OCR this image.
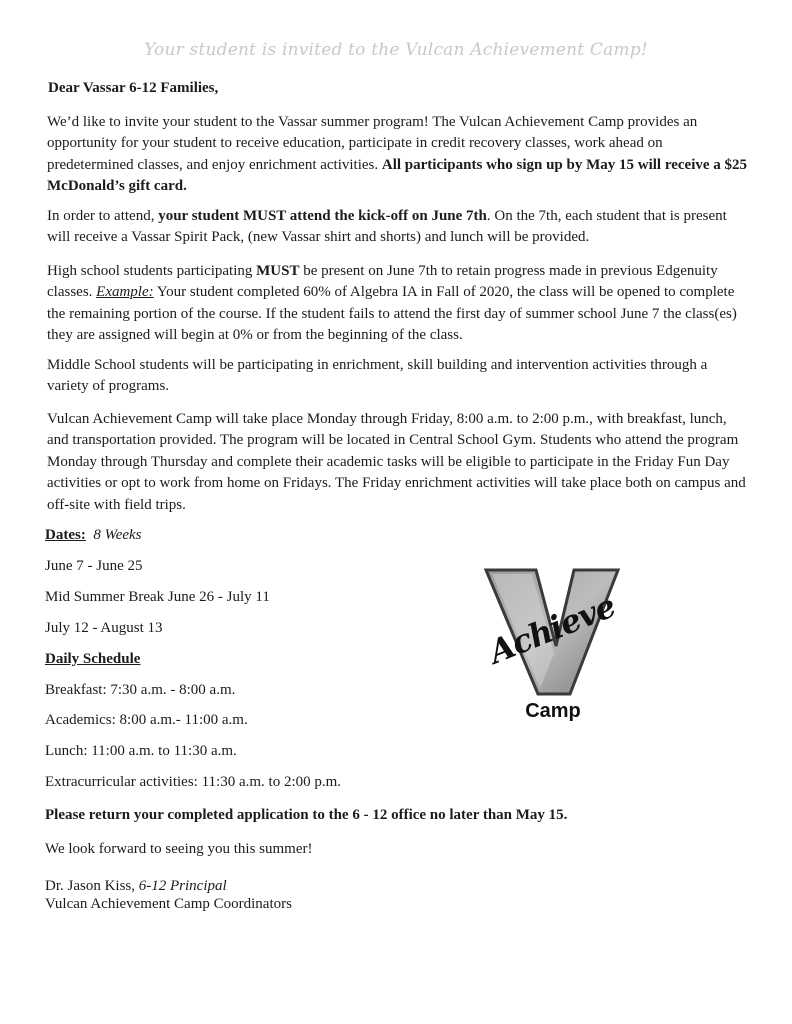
Your student is invited to the Vulcan Achievement Camp!
Dear Vassar 6-12 Families,

We’d like to invite your student to the Vassar summer program! The Vulcan Achievement Camp provides an opportunity for your student to receive education, participate in credit recovery classes, work ahead on predetermined classes, and enjoy enrichment activities. All participants who sign up by May 15 will receive a $25 McDonald’s gift card.

In order to attend, your student MUST attend the kick-off on June 7th. On the 7th, each student that is present will receive a Vassar Spirit Pack, (new Vassar shirt and shorts) and lunch will be provided.

High school students participating MUST be present on June 7th to retain progress made in previous Edgenuity classes. Example: Your student completed 60% of Algebra IA in Fall of 2020, the class will be opened to complete the remaining portion of the course. If the student fails to attend the first day of summer school June 7 the class(es) they are assigned will begin at 0% or from the beginning of the class.

Middle School students will be participating in enrichment, skill building and intervention activities through a variety of programs.

Vulcan Achievement Camp will take place Monday through Friday, 8:00 a.m. to 2:00 p.m., with breakfast, lunch, and transportation provided. The program will be located in Central School Gym. Students who attend the program Monday through Thursday and complete their academic tasks will be eligible to participate in the Friday Fun Day activities or opt to work from home on Fridays. The Friday enrichment activities will take place both on campus and off-site with field trips.

Dates: 8 Weeks
June 7 - June 25
Mid Summer Break June 26 - July 11
July 12 - August 13
Daily Schedule
Breakfast: 7:30 a.m. - 8:00 a.m.
Academics: 8:00 a.m.- 11:00 a.m.
Lunch: 11:00 a.m. to 11:30 a.m.
Extracurricular activities: 11:30 a.m. to 2:00 p.m.
Please return your completed application to the 6 - 12 office no later than May 15.
We look forward to seeing you this summer!
Dr. Jason Kiss, 6-12 Principal
Vulcan Achievement Camp Coordinators
Achieve
Camp
